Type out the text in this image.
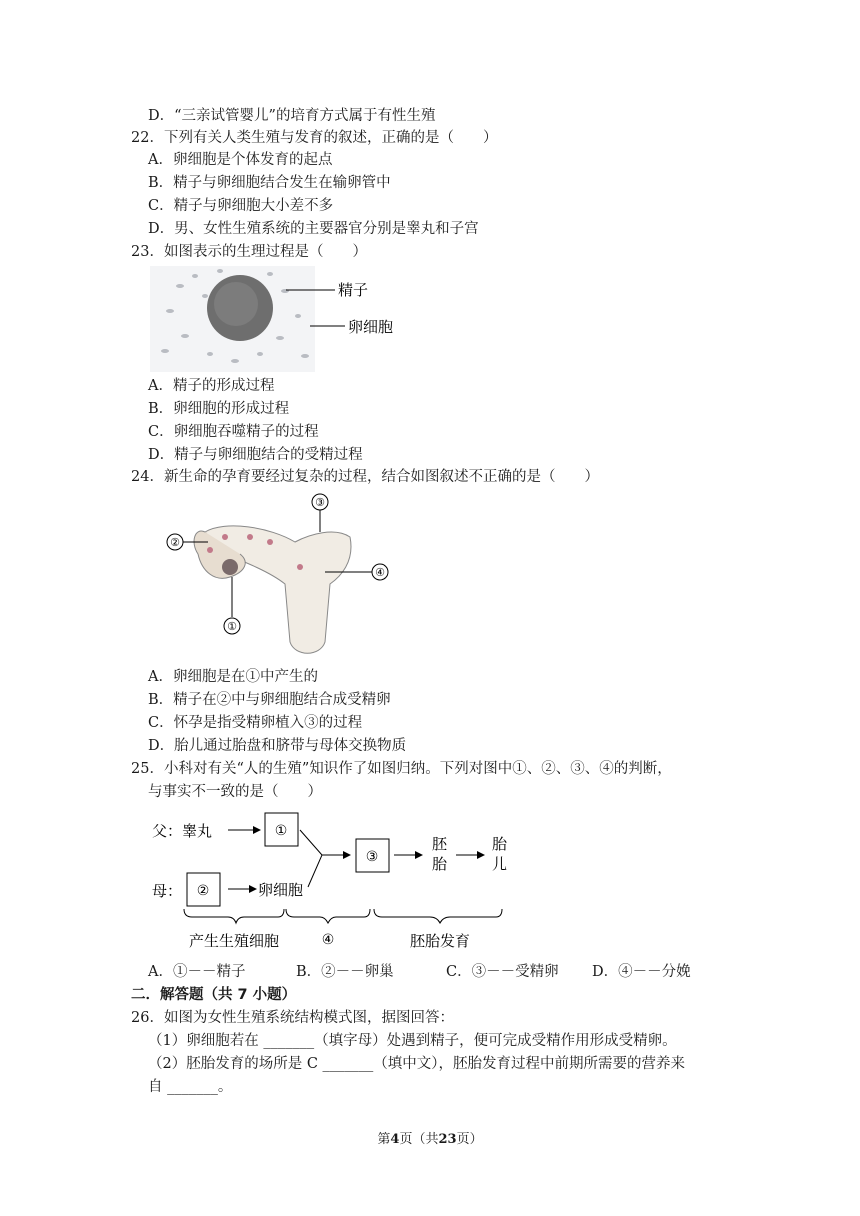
D．“三亲试管婴儿”的培育方式属于有性生殖
22．下列有关人类生殖与发育的叙述，正确的是（　　）
A．卵细胞是个体发育的起点
B．精子与卵细胞结合发生在输卵管中
C．精子与卵细胞大小差不多
D．男、女性生殖系统的主要器官分别是睾丸和子宫
23．如图表示的生理过程是（　　）
精子
卵细胞
A．精子的形成过程
B．卵细胞的形成过程
C．卵细胞吞噬精子的过程
D．精子与卵细胞结合的受精过程
24．新生命的孕育要经过复杂的过程，结合如图叙述不正确的是（　　）
②
③
④
①
A．卵细胞是在①中产生的
B．精子在②中与卵细胞结合成受精卵
C．怀孕是指受精卵植入③的过程
D．胎儿通过胎盘和脐带与母体交换物质
25．小科对有关“人的生殖”知识作了如图归纳。下列对图中①、②、③、④的判断，
与事实不一致的是（　　）
父：睾丸	①
母： ②	卵细胞
③
胚
胎
胎
儿
产生生殖细胞	④	胚胎发育
A．①－－精子	B．②－－卵巢	C．③－－受精卵 D．④－－分娩
二．解答题（共 7 小题）
26．如图为女性生殖系统结构模式图，据图回答：
（1）卵细胞若在 _______（填字母）处遇到精子，便可完成受精作用形成受精卵。
（2）胚胎发育的场所是 C _______（填中文），胚胎发育过程中前期所需要的营养来
自 _______。
第4页（共23页）
